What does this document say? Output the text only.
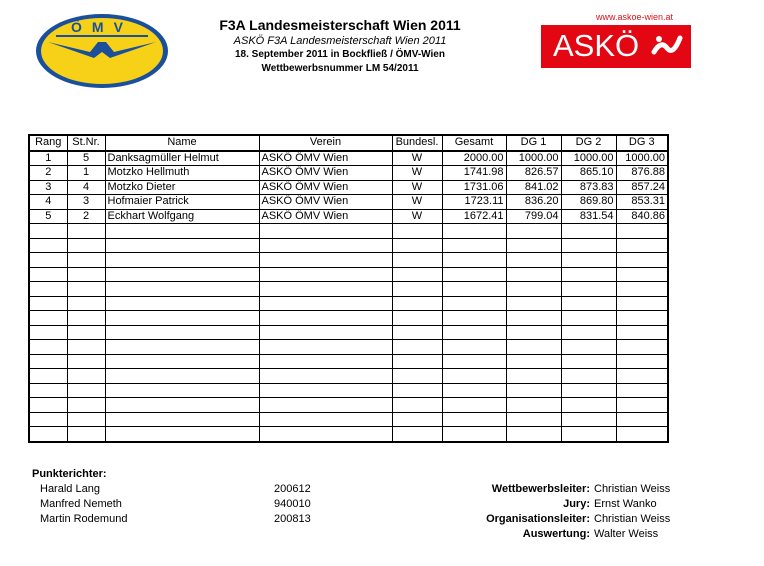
ÖMV	F3A Landesmeisterschaft Wien 2011
ASKÖ F3A Landesmeisterschaft Wien 2011
18. September 2011 in Bockfließ / ÖMV-Wien
Wettbewerbsnummer LM 54/2011
www.askoe-wien.at
ASKÖ
Rang	St.Nr.	Name	Verein	Bundesl.	Gesamt	DG 1	DG 2	DG 3
1	5	Danksagmüller Helmut	ASKÖ ÖMV Wien	W	2000.00	1000.00	1000.00	1000.00
2	1	Motzko Hellmuth	ASKÖ ÖMV Wien	W	1741.98	826.57	865.10	876.88
3	4	Motzko Dieter	ASKÖ ÖMV Wien	W	1731.06	841.02	873.83	857.24
4	3	Hofmaier Patrick	ASKÖ ÖMV Wien	W	1723.11	836.20	869.80	853.31
5	2	Eckhart Wolfgang	ASKÖ ÖMV Wien	W	1672.41	799.04	831.54	840.86

Punkterichter:
Harald Lang	200612
Manfred Nemeth	940010
Martin Rodemund	200813
Wettbewerbsleiter: Christian Weiss
Jury: Ernst Wanko
Organisationsleiter: Christian Weiss
Auswertung: Walter Weiss
